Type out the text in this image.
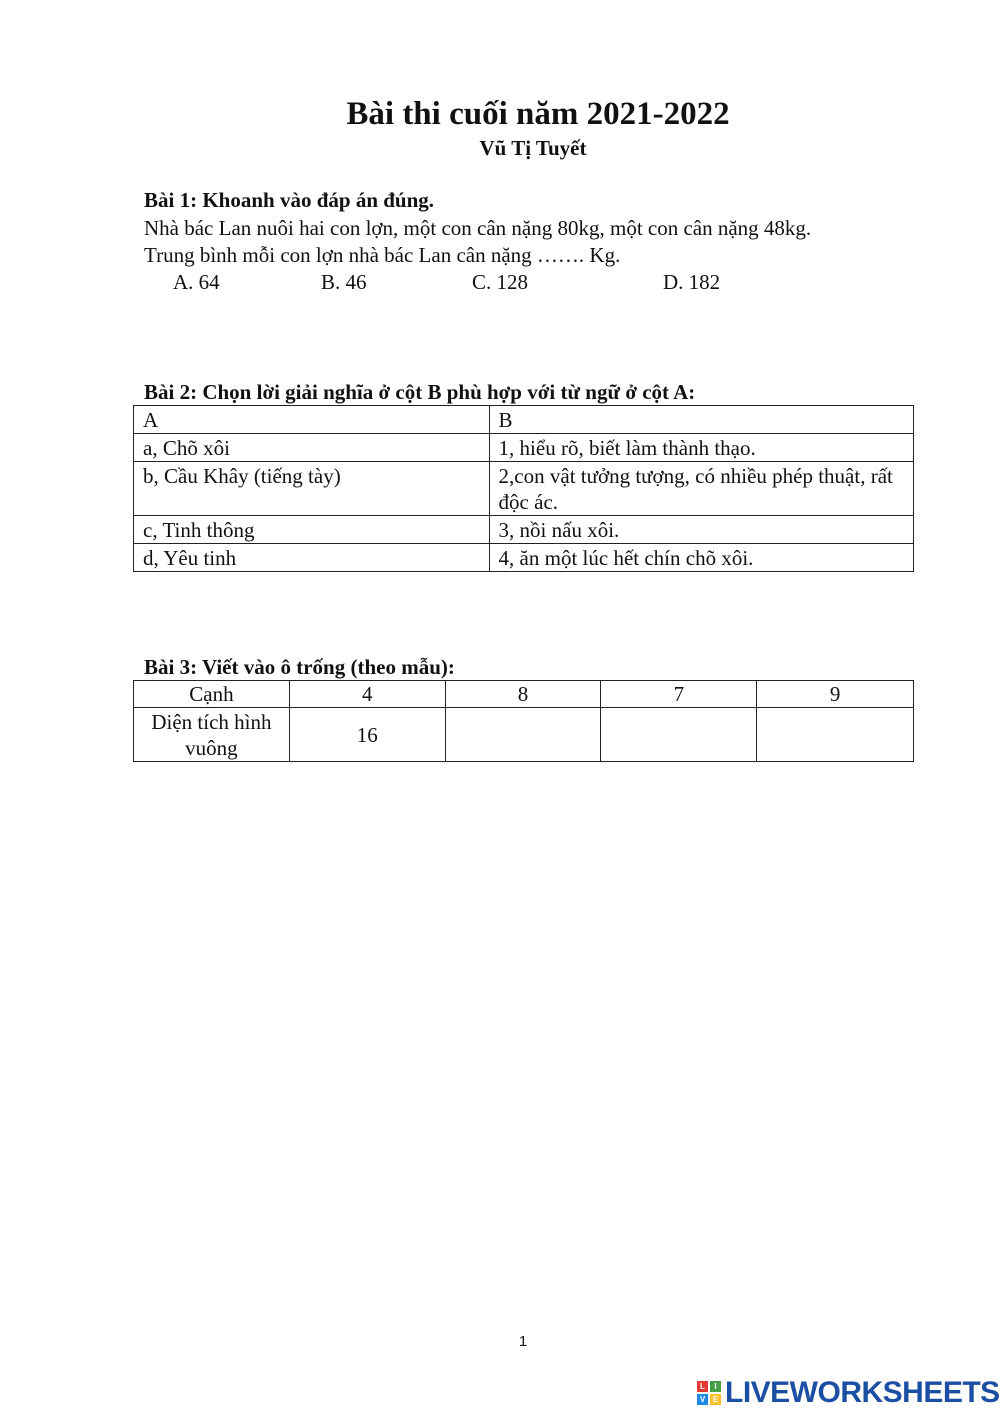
Bài thi cuối năm 2021-2022

Vũ Tị Tuyết

Bài 1: Khoanh vào đáp án đúng.

Nhà bác Lan nuôi hai con lợn, một con cân nặng 80kg, một con cân nặng 48kg.

Trung bình mỗi con lợn nhà bác Lan cân nặng ……. Kg.

A. 64	B. 46	C. 128	D. 182

Bài 2: Chọn lời giải nghĩa ở cột B phù hợp với từ ngữ ở cột A:

A	B
a, Chõ xôi	1, hiểu rõ, biết làm thành thạo.
b, Cầu Khây (tiếng tày)	2,con vật tưởng tượng, có nhiều phép thuật, rất độc ác.
c, Tinh thông	3, nồi nấu xôi.
d, Yêu tinh	4, ăn một lúc hết chín chõ xôi.

Bài 3: Viết vào ô trống (theo mẫu):

Cạnh	4	8	7	9
Diện tích hình vuông	16			
1
L	I
V E LIVEWORKSHEETS
